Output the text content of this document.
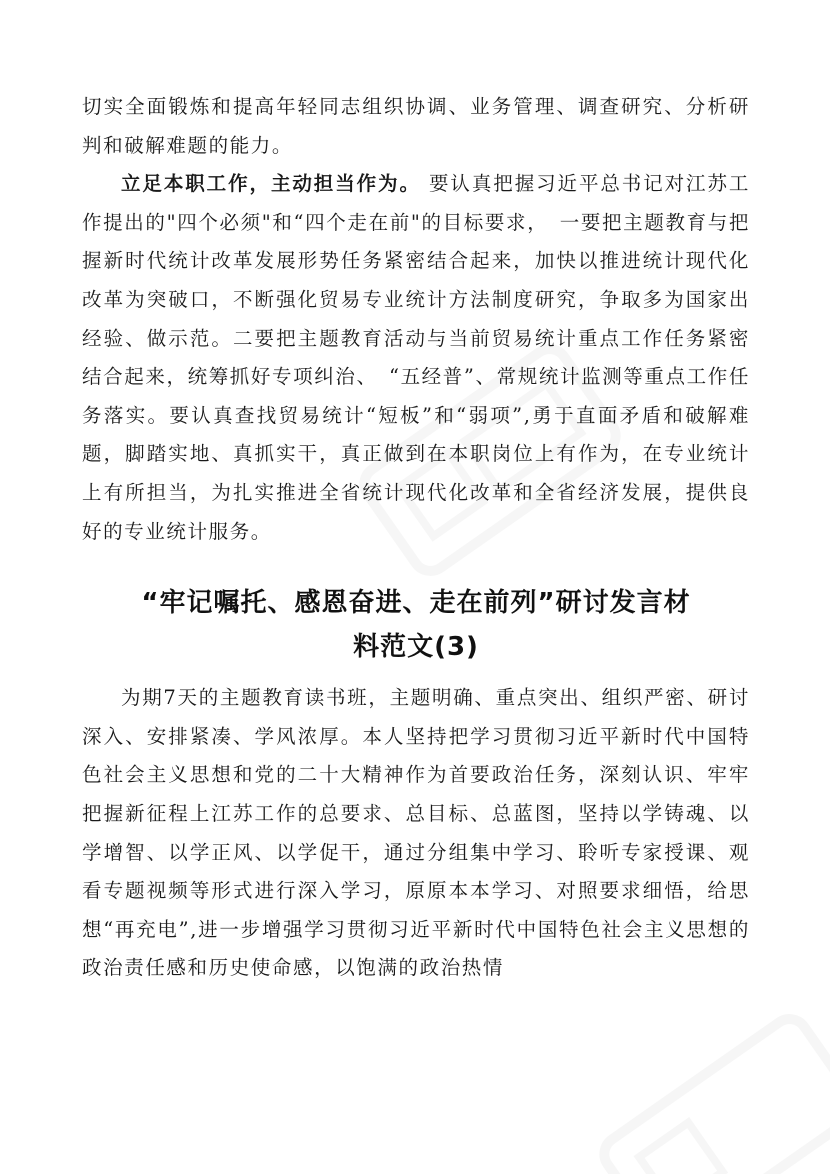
切实全面锻炼和提高年轻同志组织协调、业务管理、调查研究、分析研判和破解难题的能力。

立足本职工作，主动担当作为。 要认真把握习近平总书记对江苏工作提出的"四个必须"和“四个走在前"的目标要求，　一要把主题教育与把握新时代统计改革发展形势任务紧密结合起来，加快以推进统计现代化改革为突破口，不断强化贸易专业统计方法制度研究，争取多为国家出经验、做示范。二要把主题教育活动与当前贸易统计重点工作任务紧密结合起来，统筹抓好专项纠治、　“五经普”、常规统计监测等重点工作任务落实。要认真查找贸易统计“短板”和“弱项”,勇于直面矛盾和破解难题，脚踏实地、真抓实干，真正做到在本职岗位上有作为，在专业统计上有所担当，为扎实推进全省统计现代化改革和全省经济发展，提供良好的专业统计服务。

“牢记嘱托、感恩奋进、走在前列”研讨发言材
料范文(3)

为期7天的主题教育读书班，主题明确、重点突出、组织严密、研讨深入、安排紧凑、学风浓厚。本人坚持把学习贯彻习近平新时代中国特色社会主义思想和党的二十大精神作为首要政治任务，深刻认识、牢牢把握新征程上江苏工作的总要求、总目标、总蓝图，坚持以学铸魂、以学增智、以学正风、以学促干，通过分组集中学习、聆听专家授课、观看专题视频等形式进行深入学习，原原本本学习、对照要求细悟，给思想“再充电”,进一步增强学习贯彻习近平新时代中国特色社会主义思想的政治责任感和历史使命感，以饱满的政治热情
